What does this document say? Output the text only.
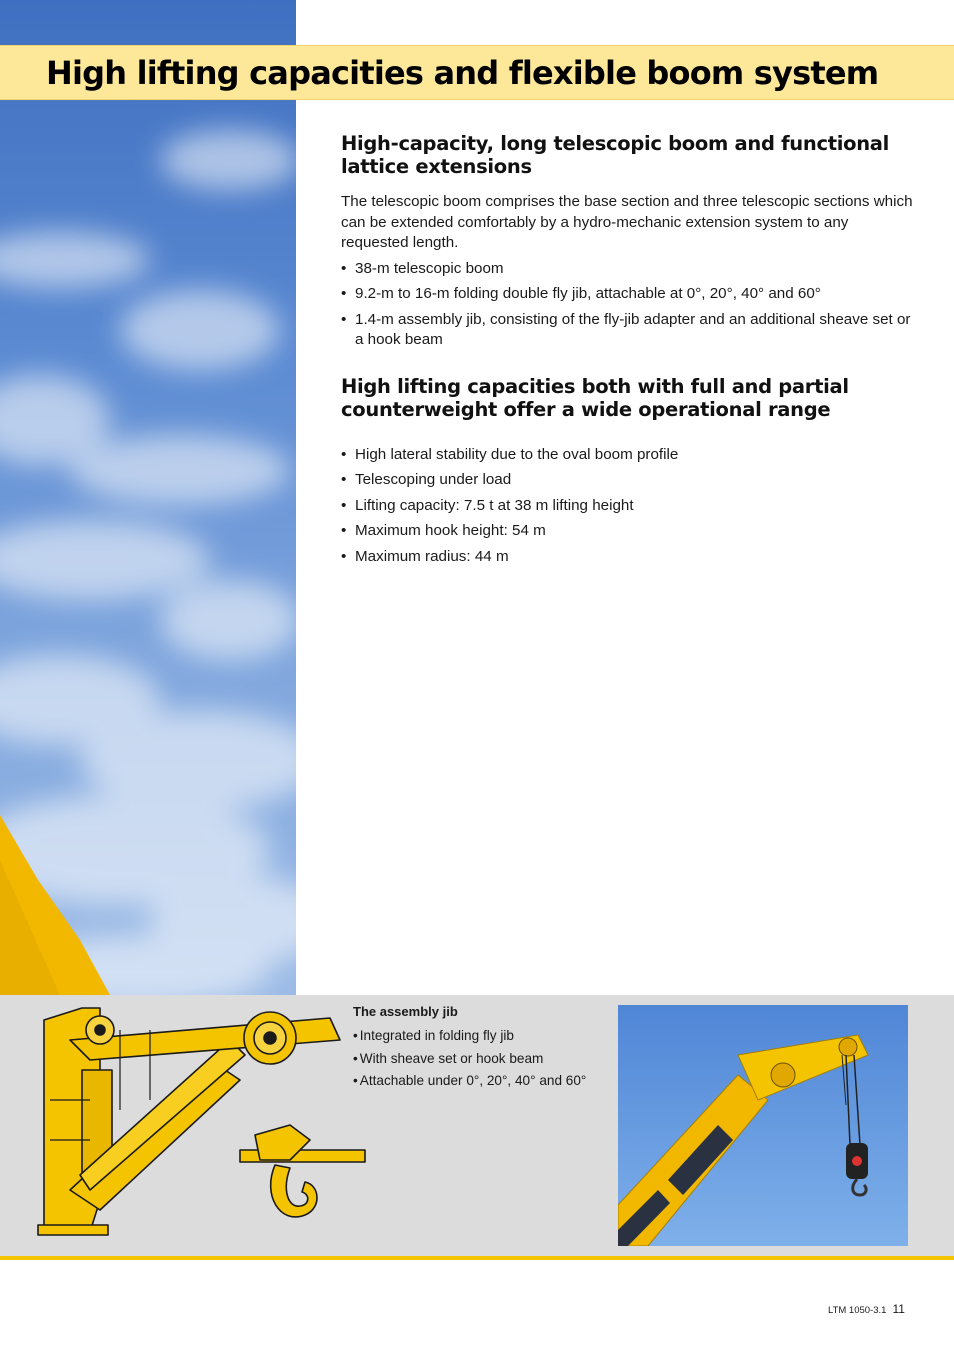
High lifting capacities and flexible boom system
High-capacity, long telescopic boom and functional lattice extensions

The telescopic boom comprises the base section and three telescopic sections which can be extended comfortably by a hydro-mechanic extension system to any requested length.

• 38-m telescopic boom
• 9.2-m to 16-m folding double fly jib, attachable at 0°, 20°, 40° and 60°
• 1.4-m assembly jib, consisting of the fly-jib adapter and an additional sheave set or a hook beam
High lifting capacities both with full and partial counterweight offer a wide operational range
• High lateral stability due to the oval boom profile
• Telescoping under load
• Lifting capacity: 7.5 t at 38 m lifting height
• Maximum hook height: 54 m
• Maximum radius: 44 m

The assembly jib

• Integrated in folding fly jib
• With sheave set or hook beam
• Attachable under 0°, 20°, 40° and 60°
LTM 1050-3.1 11
